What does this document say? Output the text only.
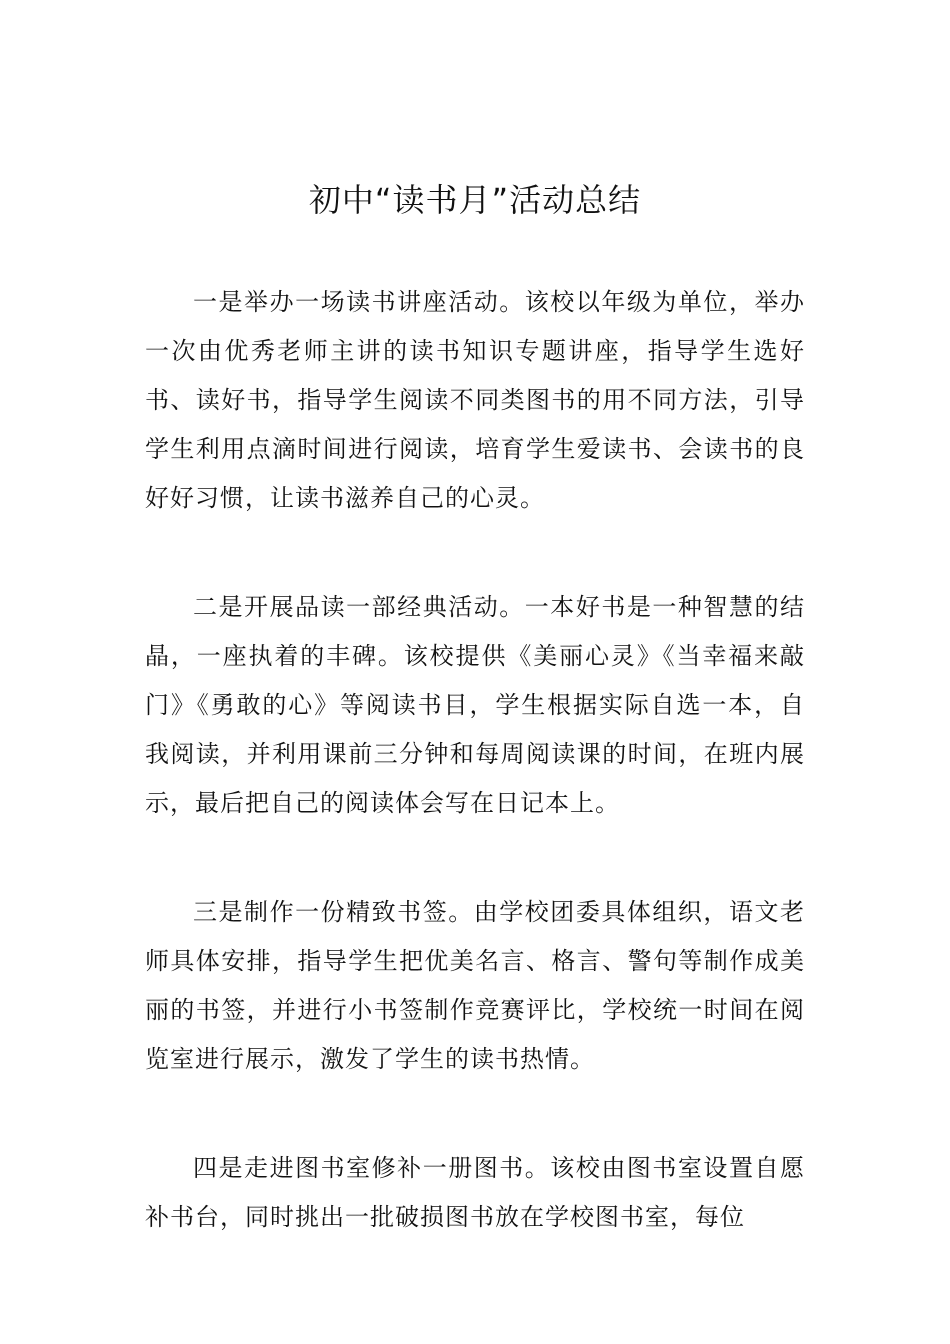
初中“读书月”活动总结

一是举办一场读书讲座活动。该校以年级为单位，举办一次由优秀老师主讲的读书知识专题讲座，指导学生选好书、读好书，指导学生阅读不同类图书的用不同方法，引导学生利用点滴时间进行阅读，培育学生爱读书、会读书的良好好习惯，让读书滋养自己的心灵。

二是开展品读一部经典活动。一本好书是一种智慧的结晶，一座执着的丰碑。该校提供《美丽心灵》《当幸福来敲门》《勇敢的心》等阅读书目，学生根据实际自选一本，自我阅读，并利用课前三分钟和每周阅读课的时间，在班内展示，最后把自己的阅读体会写在日记本上。

三是制作一份精致书签。由学校团委具体组织，语文老师具体安排，指导学生把优美名言、格言、警句等制作成美丽的书签，并进行小书签制作竞赛评比，学校统一时间在阅览室进行展示，激发了学生的读书热情。

四是走进图书室修补一册图书。该校由图书室设置自愿补书台，同时挑出一批破损图书放在学校图书室，每位
